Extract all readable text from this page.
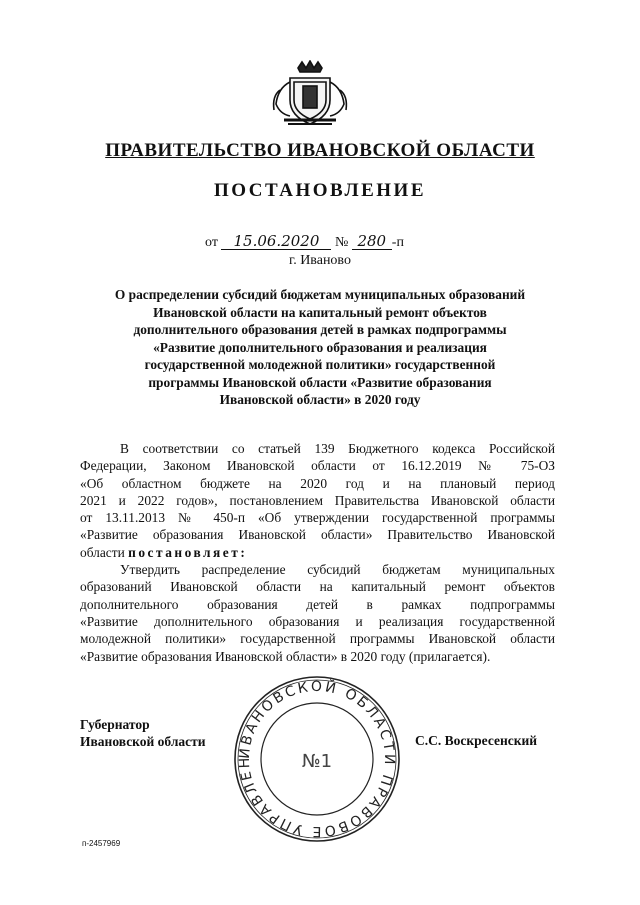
ПРАВИТЕЛЬСТВО ИВАНОВСКОЙ ОБЛАСТИ
ПОСТАНОВЛЕНИЕ
от 15.06.2020 № 280 -п
г. Иваново
О распределении субсидий бюджетам муниципальных образований
Ивановской области на капитальный ремонт объектов
дополнительного образования детей в рамках подпрограммы
«Развитие дополнительного образования и реализация
государственной молодежной политики» государственной
программы Ивановской области «Развитие образования
Ивановской области» в 2020 году
В соответствии со статьей 139 Бюджетного кодекса Российской
Федерации, Законом Ивановской области от 16.12.2019 № 75-ОЗ
«Об областном бюджете на 2020 год и на плановый период
2021 и 2022 годов», постановлением Правительства Ивановской области
от 13.11.2013 № 450-п «Об утверждении государственной программы
«Развитие образования Ивановской области» Правительство Ивановской
области постановляет:
Утвердить распределение субсидий бюджетам муниципальных
образований Ивановской области на капитальный ремонт объектов
дополнительного образования детей в рамках подпрограммы
«Развитие дополнительного образования и реализация государственной
молодежной политики» государственной программы Ивановской области
«Развитие образования Ивановской области» в 2020 году (прилагается).
Губернатор
Ивановской области
ИВАНОВСКОЙ ОБЛАСТИ ПРАВОВОЕ УПРАВЛЕН	№1
С.С. Воскресенский
п-2457969
